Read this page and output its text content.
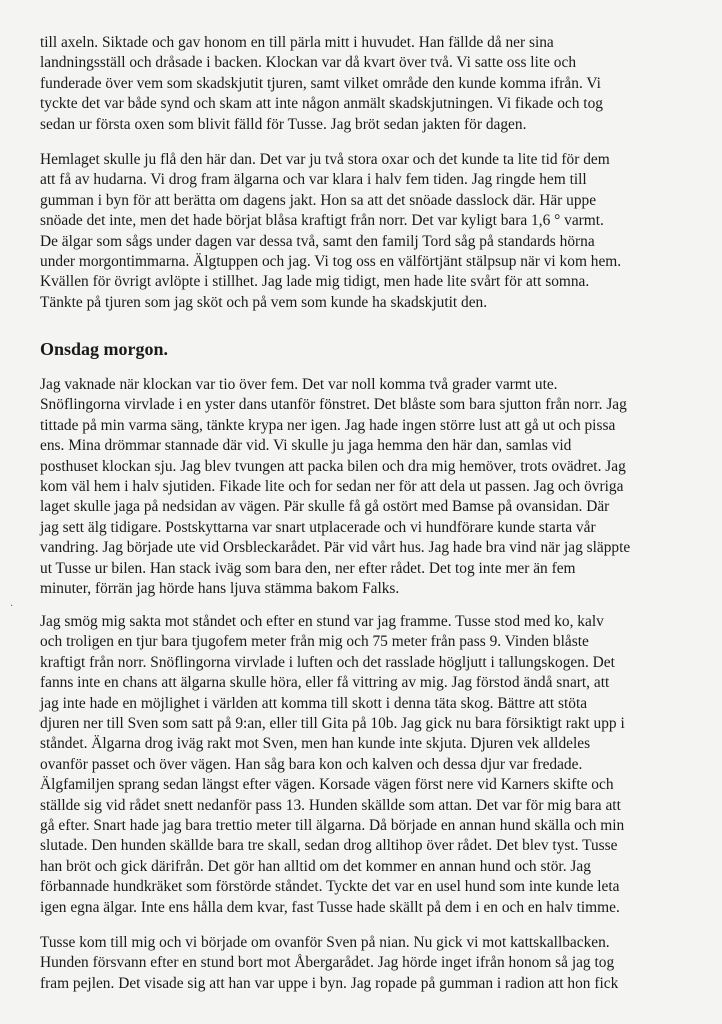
till axeln. Siktade och gav honom en till pärla mitt i huvudet. Han fällde då ner sina
landningsställ och dråsade i backen. Klockan var då kvart över två. Vi satte oss lite och
funderade över vem som skadskjutit tjuren, samt vilket område den kunde komma ifrån. Vi
tyckte det var både synd och skam att inte någon anmält skadskjutningen. Vi fikade och tog
sedan ur första oxen som blivit fälld för Tusse. Jag bröt sedan jakten för dagen.

Hemlaget skulle ju flå den här dan. Det var ju två stora oxar och det kunde ta lite tid för dem
att få av hudarna. Vi drog fram älgarna och var klara i halv fem tiden. Jag ringde hem till
gumman i byn för att berätta om dagens jakt. Hon sa att det snöade dasslock där. Här uppe
snöade det inte, men det hade börjat blåsa kraftigt från norr. Det var kyligt bara 1,6 ° varmt.
De älgar som sågs under dagen var dessa två, samt den familj Tord såg på standards hörna
under morgontimmarna. Älgtuppen och jag. Vi tog oss en välförtjänt stälpsup när vi kom hem.
Kvällen för övrigt avlöpte i stillhet. Jag lade mig tidigt, men hade lite svårt för att somna.
Tänkte på tjuren som jag sköt och på vem som kunde ha skadskjutit den.

Onsdag morgon.

Jag vaknade när klockan var tio över fem. Det var noll komma två grader varmt ute.
Snöflingorna virvlade i en yster dans utanför fönstret. Det blåste som bara sjutton från norr. Jag
tittade på min varma säng, tänkte krypa ner igen. Jag hade ingen större lust att gå ut och pissa
ens. Mina drömmar stannade där vid. Vi skulle ju jaga hemma den här dan, samlas vid
posthuset klockan sju. Jag blev tvungen att packa bilen och dra mig hemöver, trots ovädret. Jag
kom väl hem i halv sjutiden. Fikade lite och for sedan ner för att dela ut passen. Jag och övriga
laget skulle jaga på nedsidan av vägen. Pär skulle få gå ostört med Bamse på ovansidan. Där
jag sett älg tidigare. Postskyttarna var snart utplacerade och vi hundförare kunde starta vår
vandring. Jag började ute vid Orsbleckarådet. Pär vid vårt hus. Jag hade bra vind när jag släppte
ut Tusse ur bilen. Han stack iväg som bara den, ner efter rådet. Det tog inte mer än fem
minuter, förrän jag hörde hans ljuva stämma bakom Falks.

·

Jag smög mig sakta mot ståndet och efter en stund var jag framme. Tusse stod med ko, kalv
och troligen en tjur bara tjugofem meter från mig och 75 meter från pass 9. Vinden blåste
kraftigt från norr. Snöflingorna virvlade i luften och det rasslade högljutt i tallungskogen. Det
fanns inte en chans att älgarna skulle höra, eller få vittring av mig. Jag förstod ändå snart, att
jag inte hade en möjlighet i världen att komma till skott i denna täta skog. Bättre att stöta
djuren ner till Sven som satt på 9:an, eller till Gita på 10b. Jag gick nu bara försiktigt rakt upp i
ståndet. Älgarna drog iväg rakt mot Sven, men han kunde inte skjuta. Djuren vek alldeles
ovanför passet och över vägen. Han såg bara kon och kalven och dessa djur var fredade.
Älgfamiljen sprang sedan längst efter vägen. Korsade vägen först nere vid Karners skifte och
ställde sig vid rådet snett nedanför pass 13. Hunden skällde som attan. Det var för mig bara att
gå efter. Snart hade jag bara trettio meter till älgarna. Då började en annan hund skälla och min
slutade. Den hunden skällde bara tre skall, sedan drog alltihop över rådet. Det blev tyst. Tusse
han bröt och gick därifrån. Det gör han alltid om det kommer en annan hund och stör. Jag
förbannade hundkräket som förstörde ståndet. Tyckte det var en usel hund som inte kunde leta
igen egna älgar. Inte ens hålla dem kvar, fast Tusse hade skällt på dem i en och en halv timme.

Tusse kom till mig och vi började om ovanför Sven på nian. Nu gick vi mot kattskallbacken.
Hunden försvann efter en stund bort mot Åbergarådet. Jag hörde inget ifrån honom så jag tog
fram pejlen. Det visade sig att han var uppe i byn. Jag ropade på gumman i radion att hon fick
